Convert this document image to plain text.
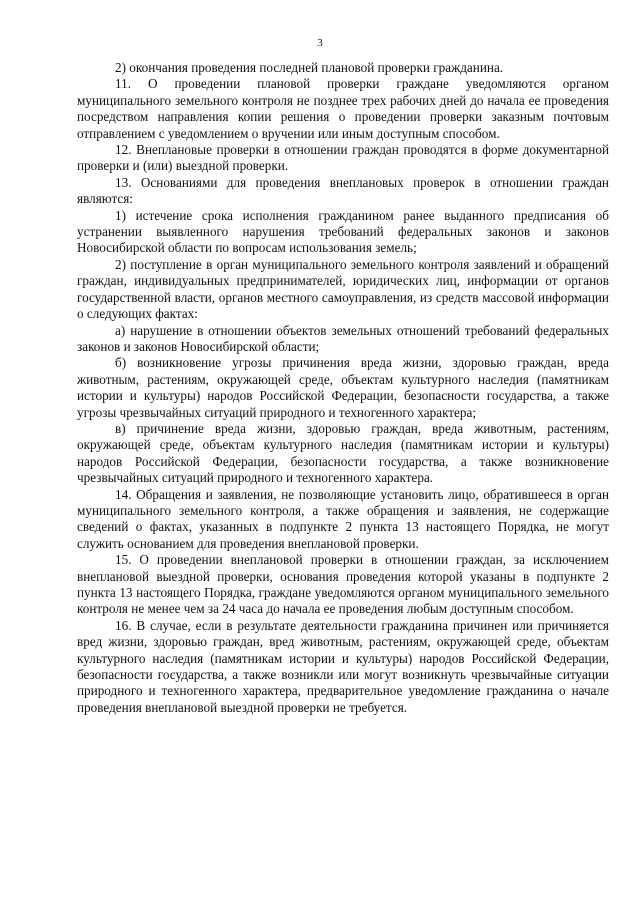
3

2) окончания проведения последней плановой проверки гражданина.

11. О проведении плановой проверки граждане уведомляются органом муниципального земельного контроля не позднее трех рабочих дней до начала ее проведения посредством направления копии решения о проведении проверки заказным почтовым отправлением с уведомлением о вручении или иным доступным способом.

12. Внеплановые проверки в отношении граждан проводятся в форме документарной проверки и (или) выездной проверки.

13. Основаниями для проведения внеплановых проверок в отношении граждан являются:

1) истечение срока исполнения гражданином ранее выданного предписания об устранении выявленного нарушения требований федеральных законов и законов Новосибирской области по вопросам использования земель;

2) поступление в орган муниципального земельного контроля заявлений и обращений граждан, индивидуальных предпринимателей, юридических лиц, информации от органов государственной власти, органов местного самоуправления, из средств массовой информации о следующих фактах:

а) нарушение в отношении объектов земельных отношений требований федеральных законов и законов Новосибирской области;

б) возникновение угрозы причинения вреда жизни, здоровью граждан, вреда животным, растениям, окружающей среде, объектам культурного наследия (памятникам истории и культуры) народов Российской Федерации, безопасности государства, а также угрозы чрезвычайных ситуаций природного и техногенного характера;

в) причинение вреда жизни, здоровью граждан, вреда животным, растениям, окружающей среде, объектам культурного наследия (памятникам истории и культуры) народов Российской Федерации, безопасности государства, а также возникновение чрезвычайных ситуаций природного и техногенного характера.

14. Обращения и заявления, не позволяющие установить лицо, обратившееся в орган муниципального земельного контроля, а также обращения и заявления, не содержащие сведений о фактах, указанных в подпункте 2 пункта 13 настоящего Порядка, не могут служить основанием для проведения внеплановой проверки.

15. О проведении внеплановой проверки в отношении граждан, за исключением внеплановой выездной проверки, основания проведения которой указаны в подпункте 2 пункта 13 настоящего Порядка, граждане уведомляются органом муниципального земельного контроля не менее чем за 24 часа до начала ее проведения любым доступным способом.

16. В случае, если в результате деятельности гражданина причинен или причиняется вред жизни, здоровью граждан, вред животным, растениям, окружающей среде, объектам культурного наследия (памятникам истории и культуры) народов Российской Федерации, безопасности государства, а также возникли или могут возникнуть чрезвычайные ситуации природного и техногенного характера, предварительное уведомление гражданина о начале проведения внеплановой выездной проверки не требуется.
